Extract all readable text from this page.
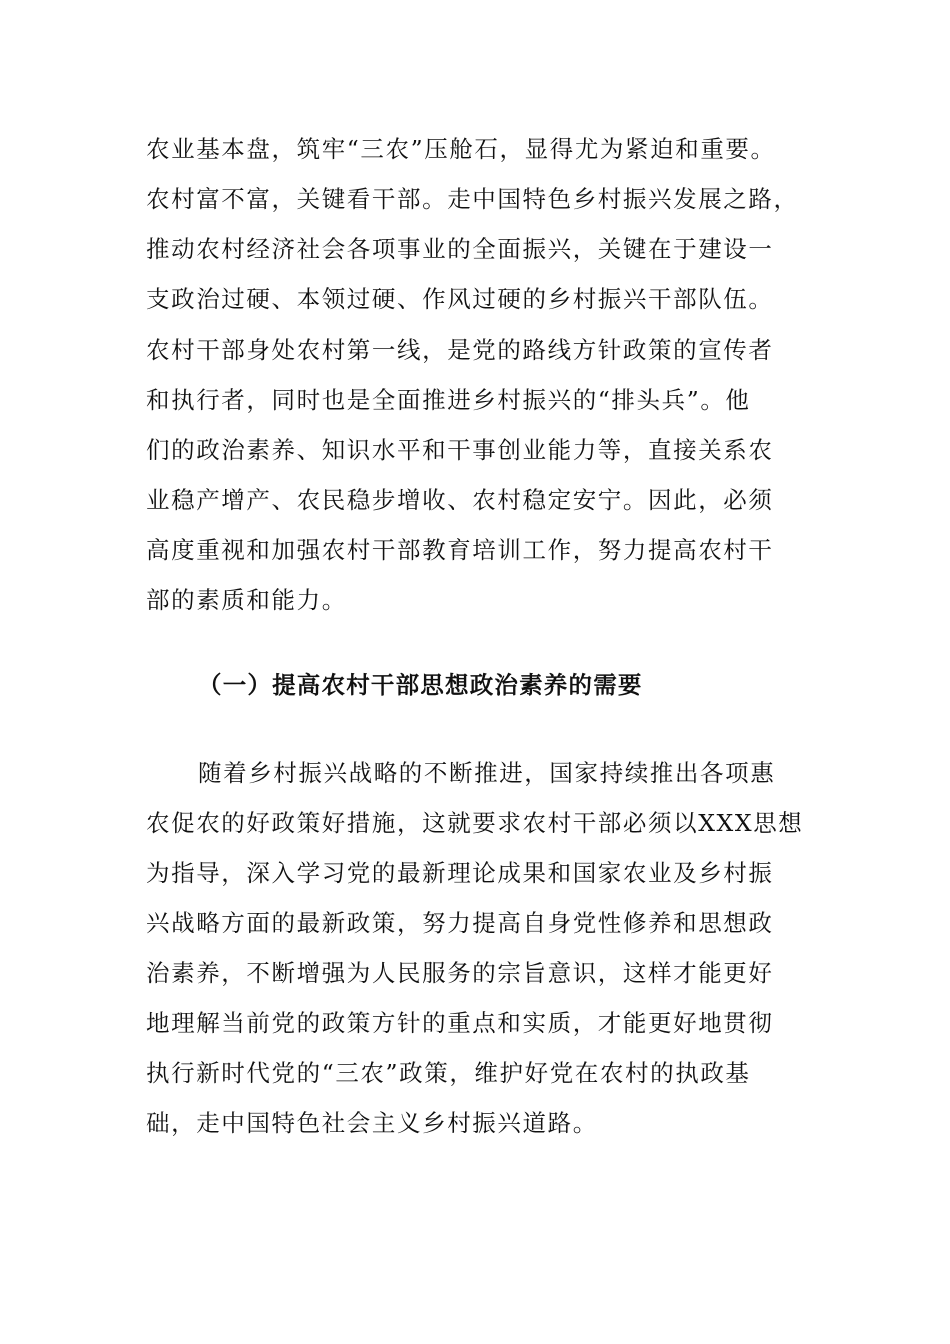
农业基本盘，筑牢“三农”压舱石，显得尤为紧迫和重要。
农村富不富，关键看干部。走中国特色乡村振兴发展之路，
推动农村经济社会各项事业的全面振兴，关键在于建设一
支政治过硬、本领过硬、作风过硬的乡村振兴干部队伍。
农村干部身处农村第一线，是党的路线方针政策的宣传者
和执行者，同时也是全面推进乡村振兴的“排头兵”。他
们的政治素养、知识水平和干事创业能力等，直接关系农
业稳产增产、农民稳步增收、农村稳定安宁。因此，必须
高度重视和加强农村干部教育培训工作，努力提高农村干
部的素质和能力。
（一）提高农村干部思想政治素养的需要
随着乡村振兴战略的不断推进，国家持续推出各项惠
农促农的好政策好措施，这就要求农村干部必须以XXX思想
为指导，深入学习党的最新理论成果和国家农业及乡村振
兴战略方面的最新政策，努力提高自身党性修养和思想政
治素养，不断增强为人民服务的宗旨意识，这样才能更好
地理解当前党的政策方针的重点和实质，才能更好地贯彻
执行新时代党的“三农”政策，维护好党在农村的执政基
础，走中国特色社会主义乡村振兴道路。
